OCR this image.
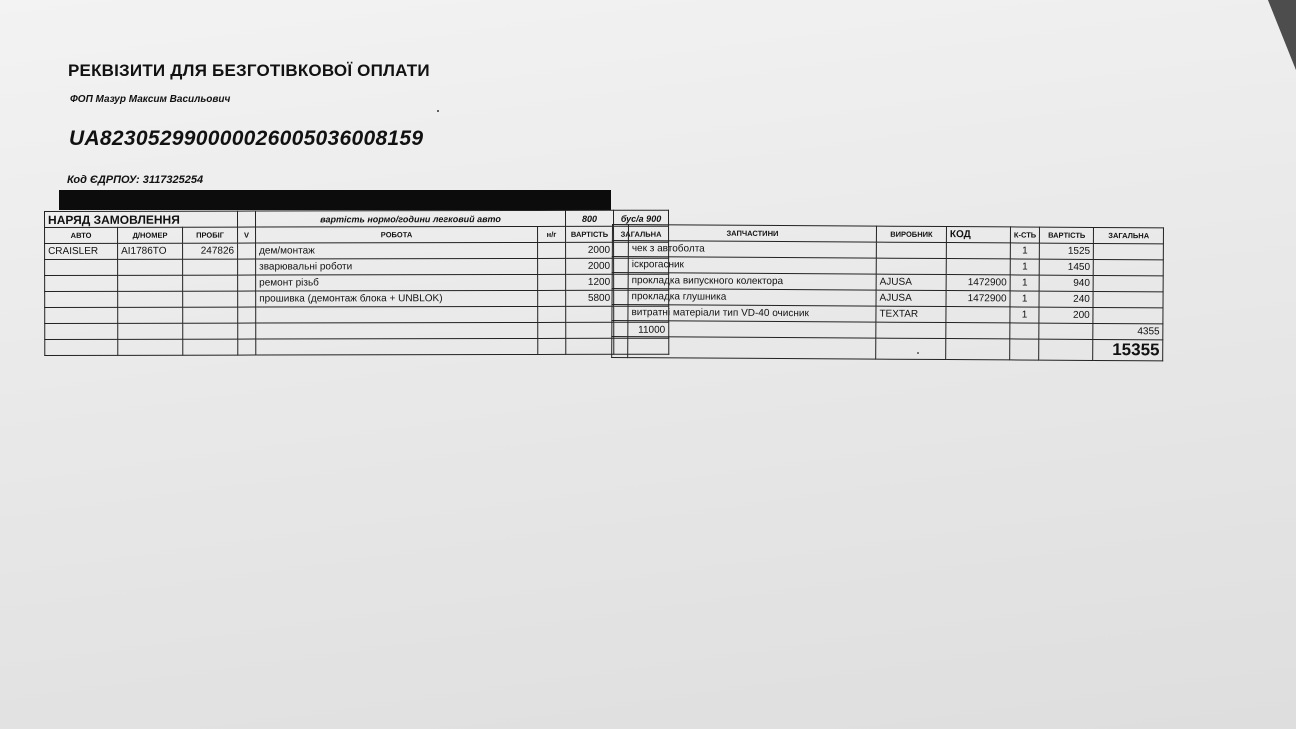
РЕКВІЗИТИ ДЛЯ БЕЗГОТІВКОВОЇ ОПЛАТИ
ФОП Мазур Максим Васильович
UA823052990000026005036008159
Код ЄДРПОУ: 3117325254
НАРЯД ЗАМОВЛЕННЯ				вартість нормо/години легковий авто		800	бус/а 900
АВТО	Д/НОМЕР	ПРОБІГ	V	РОБОТА	н/г	ВАРТІСТЬ	ЗАГАЛЬНА
CRAISLER	AI1786TO	247826		дем/монтаж		2000	
				зварювальні роботи		2000	
				ремонт різьб		1200	
				прошивка (демонтаж блока + UNBLOK)		5800	

							11000

	ЗАПЧАСТИНИ	ВИРОБНИК	КОД	К-СТЬ	ВАРТІСТЬ	ЗАГАЛЬНА
	чек з автоболта			1	1525	
	іскрогасник			1	1450	
	прокладка випускного колектора	AJUSA	1472900	1	940	
	прокладка глушника	AJUSA	1472900	1	240	
	витратні матеріали тип VD-40 очисник	TEXTAR		1	200	
						4355
						15355
